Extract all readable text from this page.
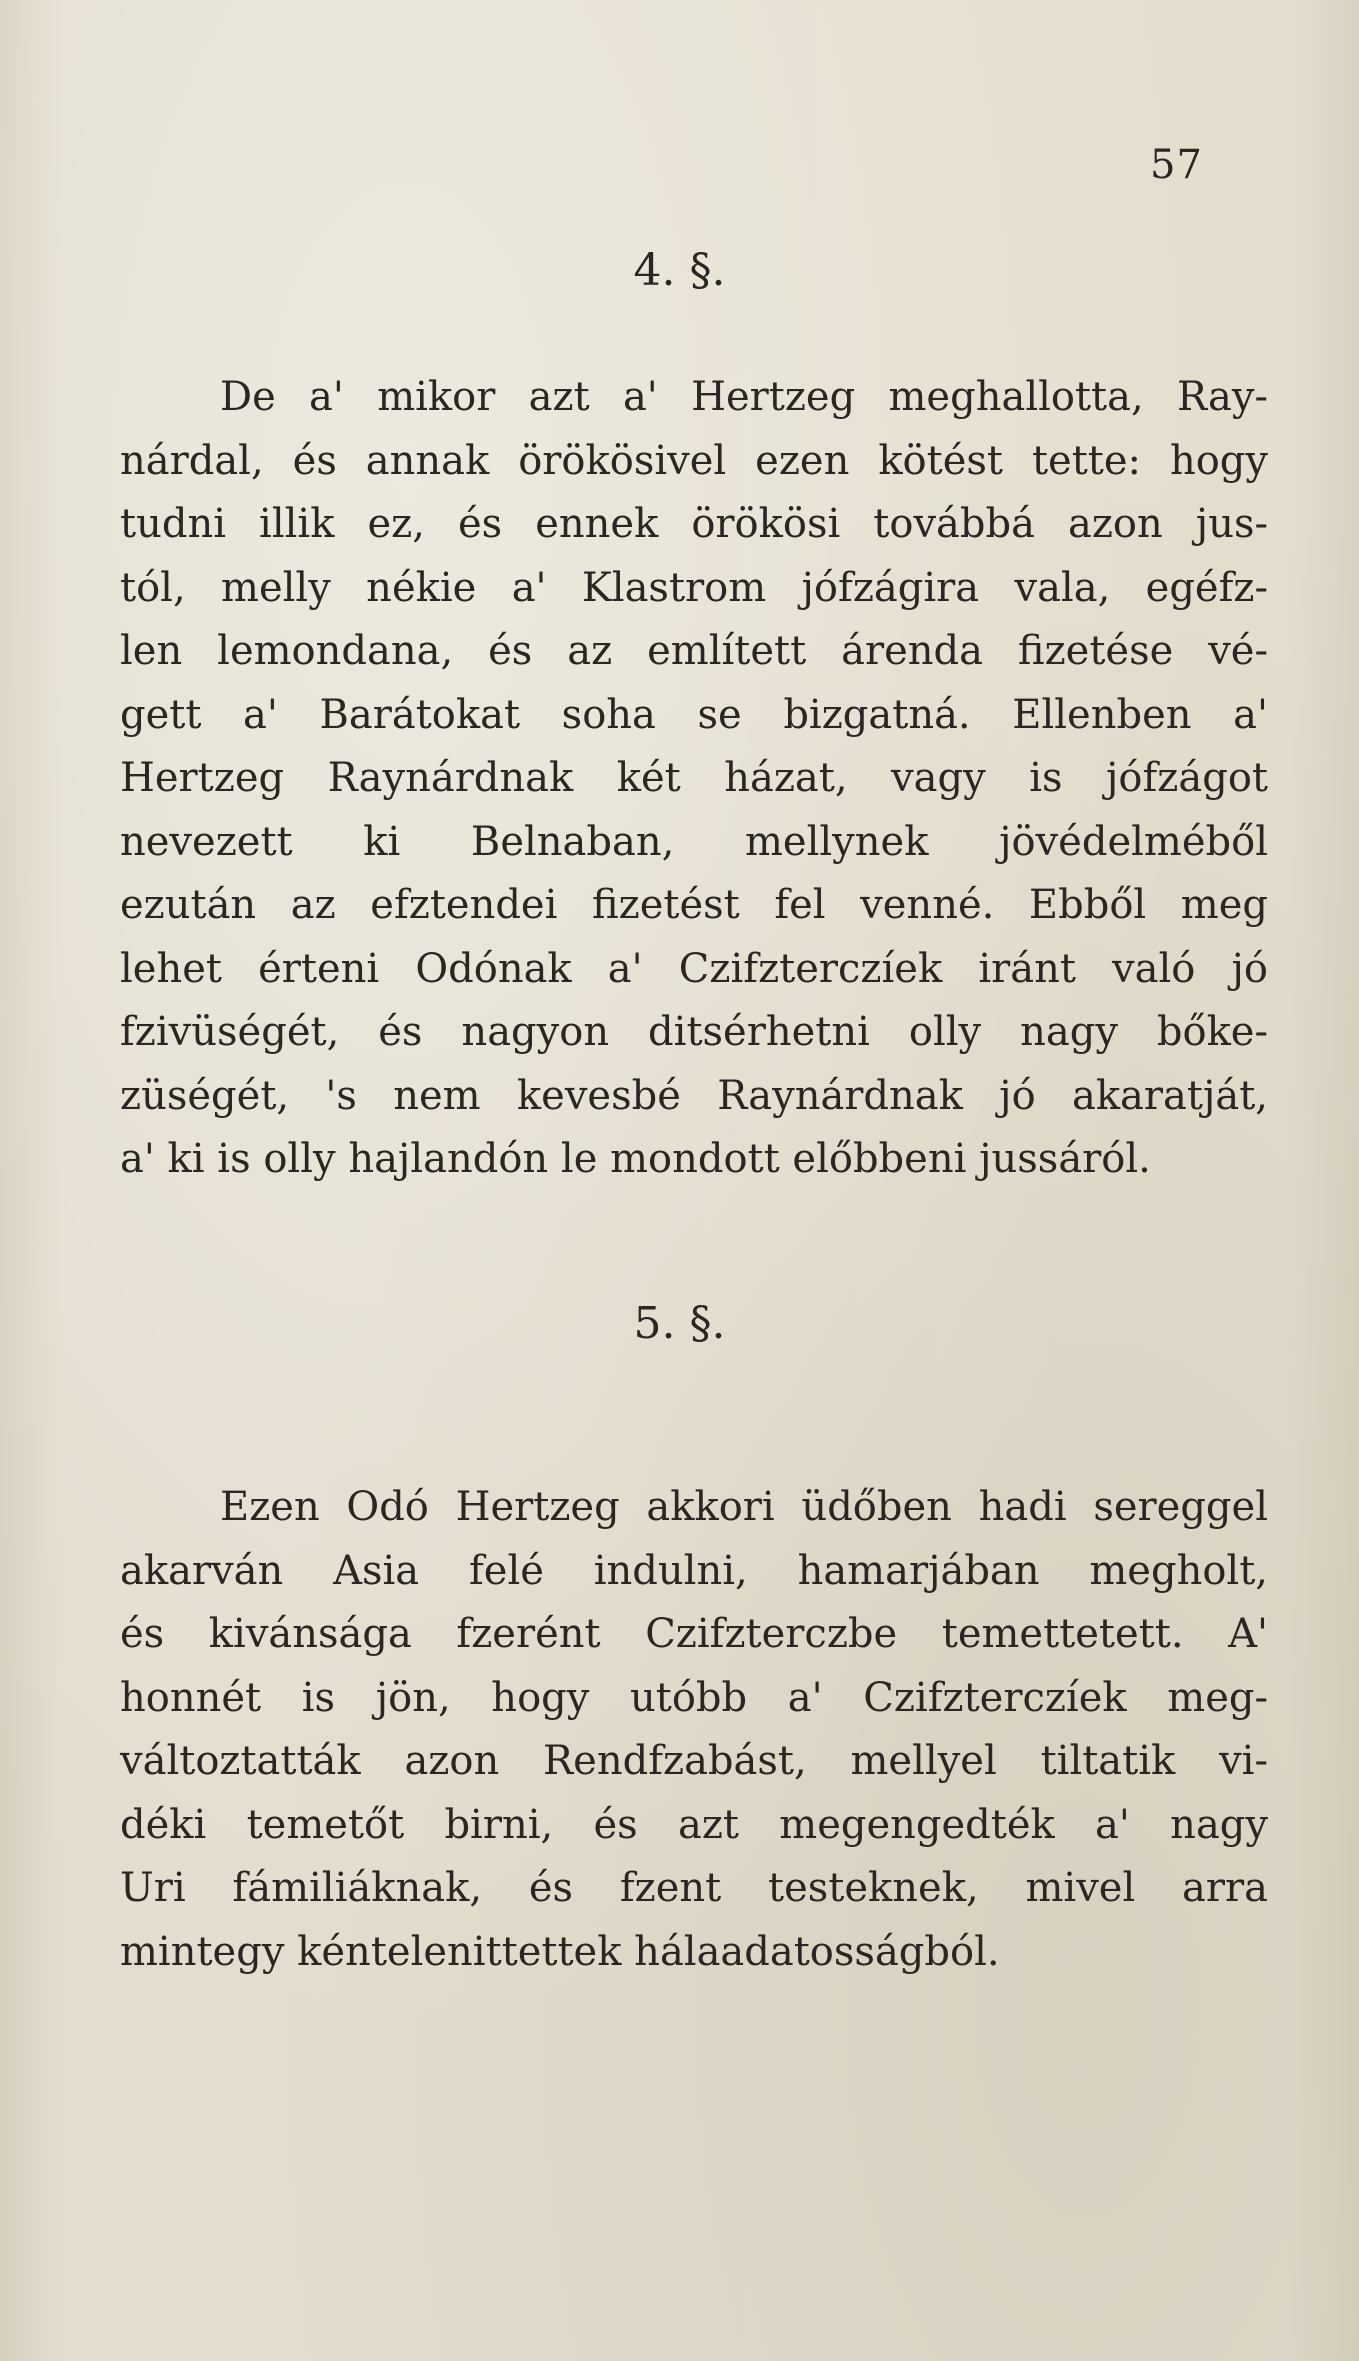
57
4. §.
De a' mikor azt a' Hertzeg meghallotta, Ray-
nárdal, és annak örökösivel ezen kötést tette: hogy
tudni illik ez, és ennek örökösi továbbá azon jus-
tól, melly nékie a' Klastrom jófzágira vala, egéfz-
len lemondana, és az említett árenda fizetése vé-
gett a' Barátokat soha se bizgatná. Ellenben a'
Hertzeg Raynárdnak két házat, vagy is jófzágot
nevezett ki Belnaban, mellynek jövédelméből
ezután az efztendei fizetést fel venné. Ebből meg
lehet érteni Odónak a' Czifzterczíek iránt való jó
fzivüségét, és nagyon ditsérhetni olly nagy bőke-
züségét, 's nem kevesbé Raynárdnak jó akaratját,
a' ki is olly hajlandón le mondott előbbeni jussáról.
5. §.
Ezen Odó Hertzeg akkori üdőben hadi sereggel
akarván Asia felé indulni, hamarjában megholt,
és kivánsága fzerént Czifzterczbe temettetett. A'
honnét is jön, hogy utóbb a' Czifzterczíek meg-
változtatták azon Rendfzabást, mellyel tiltatik vi-
déki temetőt birni, és azt megengedték a' nagy
Uri fámiliáknak, és fzent testeknek, mivel arra
mintegy kéntelenittettek hálaadatosságból.
